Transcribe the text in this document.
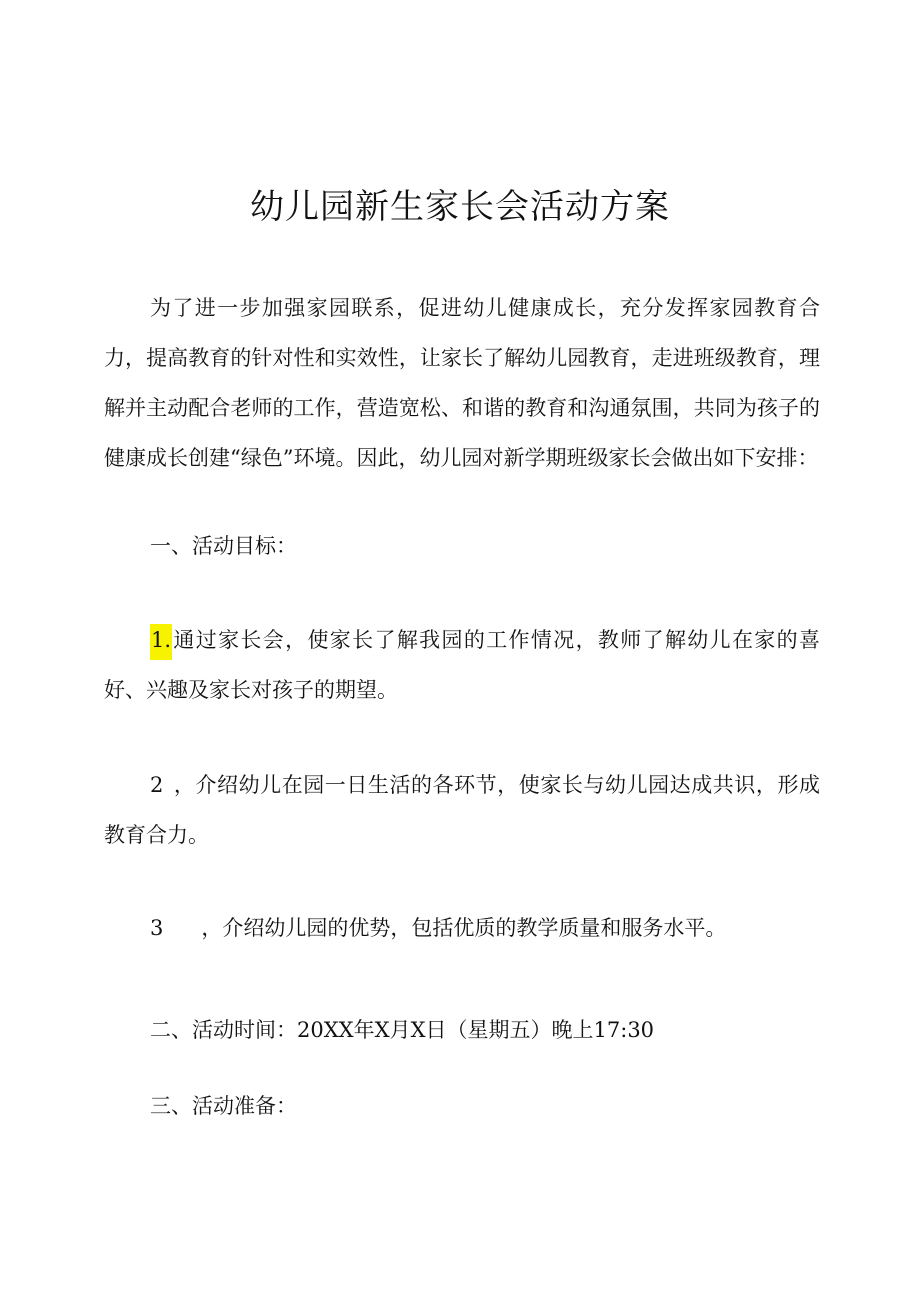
幼儿园新生家长会活动方案

为了进一步加强家园联系，促进幼儿健康成长，充分发挥家园教育合力，提高教育的针对性和实效性，让家长了解幼儿园教育，走进班级教育，理解并主动配合老师的工作，营造宽松、和谐的教育和沟通氛围，共同为孩子的健康成长创建“绿色”环境。因此，幼儿园对新学期班级家长会做出如下安排：

一、活动目标：

1.通过家长会，使家长了解我园的工作情况，教师了解幼儿在家的喜好、兴趣及家长对孩子的期望。

2 ，介绍幼儿在园一日生活的各环节，使家长与幼儿园达成共识，形成教育合力。

3 ，介绍幼儿园的优势，包括优质的教学质量和服务水平。

二、活动时间：20XX年X月X日（星期五）晚上17:30

三、活动准备：
